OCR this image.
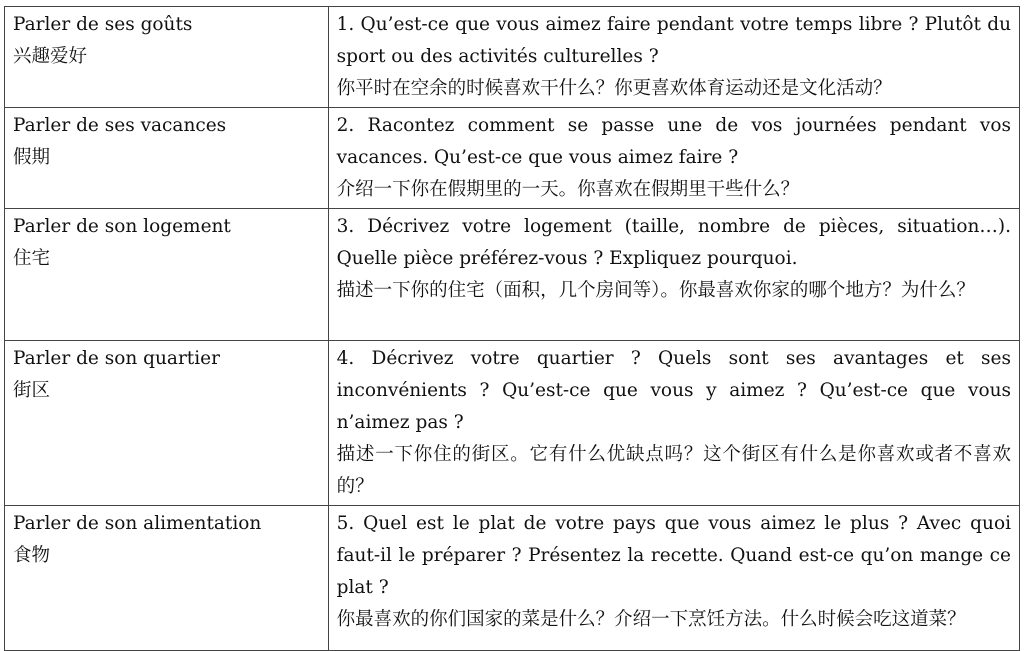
Parler de ses goûts
兴趣爱好	1. Qu’est-ce que vous aimez faire pendant votre temps libre ? Plutôt du sport ou des activités culturelles ?
你平时在空余的时候喜欢干什么？你更喜欢体育运动还是文化活动？

Parler de ses vacances
假期	2. Racontez comment se passe une de vos journées pendant vos vacances. Qu’est-ce que vous aimez faire ?
介绍一下你在假期里的一天。你喜欢在假期里干些什么？

Parler de son logement
住宅	3. Décrivez votre logement (taille, nombre de pièces, situation…). Quelle pièce préférez-vous ? Expliquez pourquoi.
描述一下你的住宅（面积，几个房间等）。你最喜欢你家的哪个地方？为什么？

Parler de son quartier
街区	4. Décrivez votre quartier ? Quels sont ses avantages et ses inconvénients ? Qu’est-ce que vous y aimez ? Qu’est-ce que vous n’aimez pas ?
描述一下你住的街区。它有什么优缺点吗？这个街区有什么是你喜欢或者不喜欢的？

Parler de son alimentation
食物	5. Quel est le plat de votre pays que vous aimez le plus ? Avec quoi faut-il le préparer ? Présentez la recette. Quand est-ce qu’on mange ce plat ?
你最喜欢的你们国家的菜是什么？介绍一下烹饪方法。什么时候会吃这道菜？
